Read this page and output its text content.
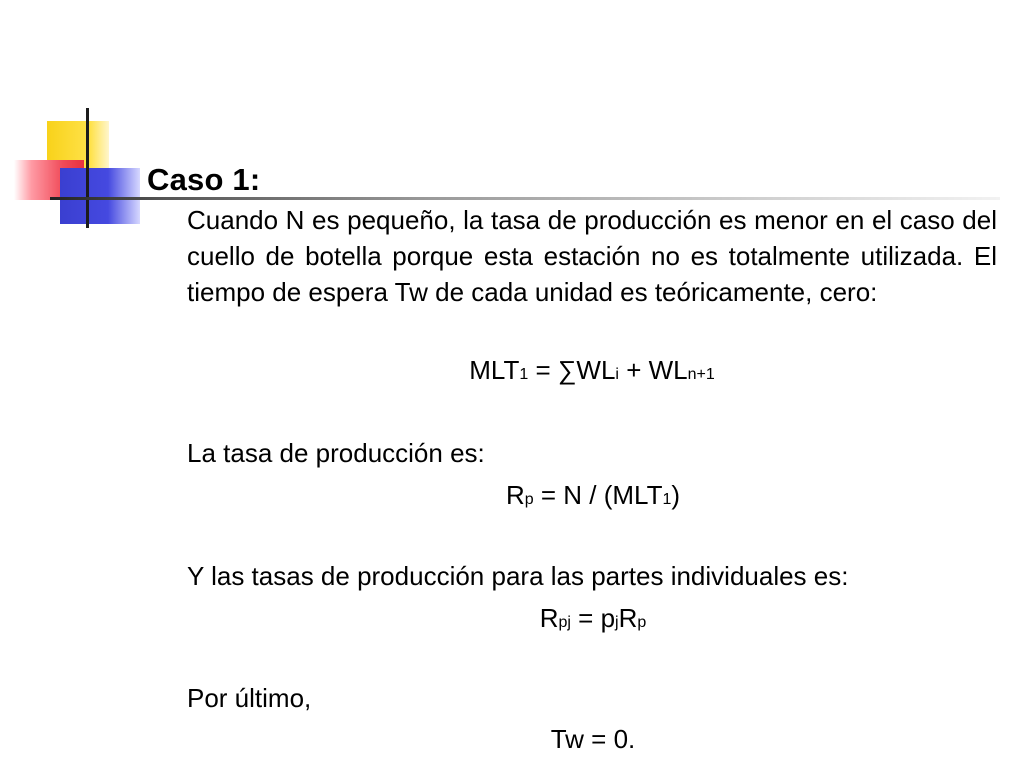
Caso 1:

Cuando N es pequeño, la tasa de producción es menor en el caso del cuello de botella porque esta estación no es totalmente utilizada. El tiempo de espera Tw de cada unidad es teóricamente, cero:

MLT1 = ∑WLi + WLn+1
La tasa de producción es:
Rp = N / (MLT1)
Y las tasas de producción para las partes individuales es:
Rpj = pjRp
Por último,
Tw = 0.
